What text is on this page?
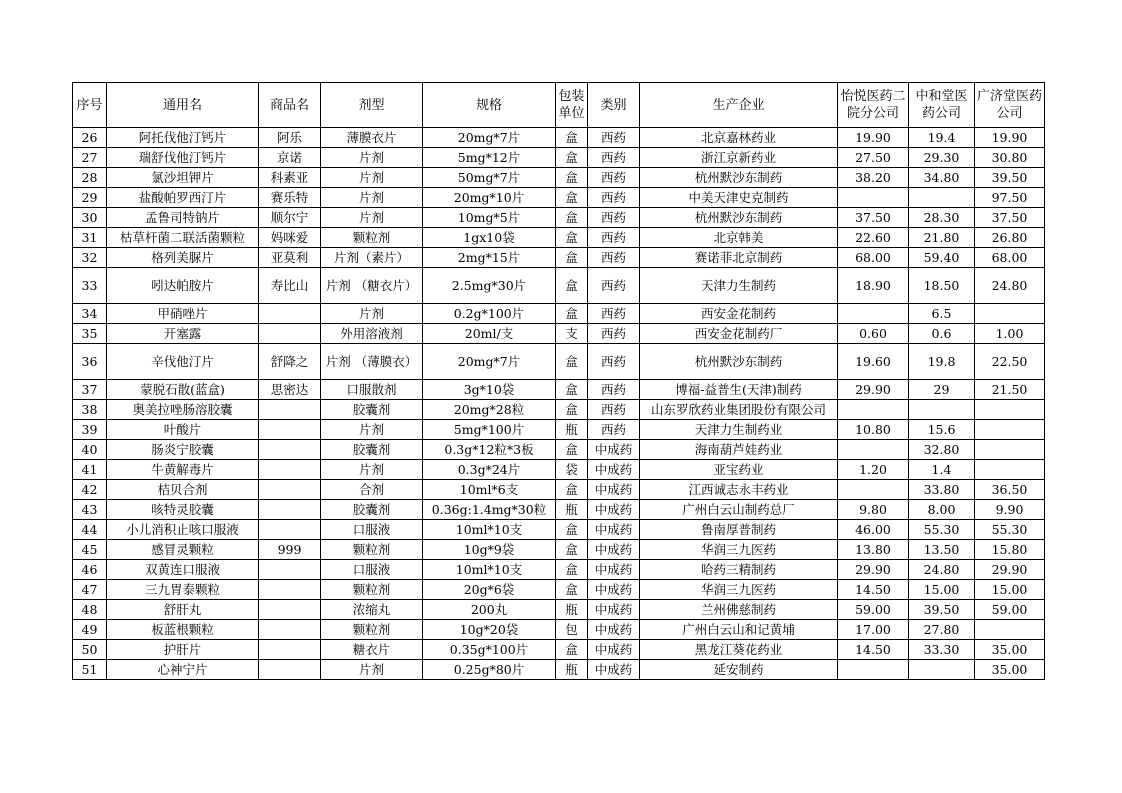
序号	通用名	商品名	剂型	规格	包装单位	类别	生产企业	怡悦医药二院分公司	中和堂医药公司	广济堂医药公司
26	阿托伐他汀钙片	阿乐	薄膜衣片	20mg*7片	盒	西药	北京嘉林药业	19.90	19.4	19.90
27	瑞舒伐他汀钙片	京诺	片剂	5mg*12片	盒	西药	浙江京新药业	27.50	29.30	30.80
28	氯沙坦钾片	科素亚	片剂	50mg*7片	盒	西药	杭州默沙东制药	38.20	34.80	39.50
29	盐酸帕罗西汀片	赛乐特	片剂	20mg*10片	盒	西药	中美天津史克制药			97.50
30	孟鲁司特钠片	顺尔宁	片剂	10mg*5片	盒	西药	杭州默沙东制药	37.50	28.30	37.50
31	枯草杆菌二联活菌颗粒	妈咪爱	颗粒剂	1gx10袋	盒	西药	北京韩美	22.60	21.80	26.80
32	格列美脲片	亚莫利	片剂（素片）	2mg*15片	盒	西药	赛诺菲北京制药	68.00	59.40	68.00
33	吲达帕胺片	寿比山	片剂 （糖衣片）	2.5mg*30片	盒	西药	天津力生制药	18.90	18.50	24.80
34	甲硝唑片		片剂	0.2g*100片	盒	西药	西安金花制药		6.5	
35	开塞露		外用溶液剂	20ml/支	支	西药	西安金花制药厂	0.60	0.6	1.00
36	辛伐他汀片	舒降之	片剂 （薄膜衣）	20mg*7片	盒	西药	杭州默沙东制药	19.60	19.8	22.50
37	蒙脱石散(蓝盒)	思密达	口服散剂	3g*10袋	盒	西药	博福-益普生(天津)制药	29.90	29	21.50
38	奥美拉唑肠溶胶囊		胶囊剂	20mg*28粒	盒	西药	山东罗欣药业集团股份有限公司			
39	叶酸片		片剂	5mg*100片	瓶	西药	天津力生制药业	10.80	15.6	
40	肠炎宁胶囊		胶囊剂	0.3g*12粒*3板	盒	中成药	海南葫芦娃药业		32.80	
41	牛黄解毒片		片剂	0.3g*24片	袋	中成药	亚宝药业	1.20	1.4	
42	桔贝合剂		合剂	10ml*6支	盒	中成药	江西诚志永丰药业		33.80	36.50
43	咳特灵胶囊		胶囊剂	0.36g:1.4mg*30粒	瓶	中成药	广州白云山制药总厂	9.80	8.00	9.90
44	小儿消积止咳口服液		口服液	10ml*10支	盒	中成药	鲁南厚普制药	46.00	55.30	55.30
45	感冒灵颗粒	999	颗粒剂	10g*9袋	盒	中成药	华润三九医药	13.80	13.50	15.80
46	双黄连口服液		口服液	10ml*10支	盒	中成药	哈药三精制药	29.90	24.80	29.90
47	三九胃泰颗粒		颗粒剂	20g*6袋	盒	中成药	华润三九医药	14.50	15.00	15.00
48	舒肝丸		浓缩丸	200丸	瓶	中成药	兰州佛慈制药	59.00	39.50	59.00
49	板蓝根颗粒		颗粒剂	10g*20袋	包	中成药	广州白云山和记黄埔	17.00	27.80	
50	护肝片		糖衣片	0.35g*100片	盒	中成药	黑龙江葵花药业	14.50	33.30	35.00
51	心神宁片		片剂	0.25g*80片	瓶	中成药	延安制药			35.00
